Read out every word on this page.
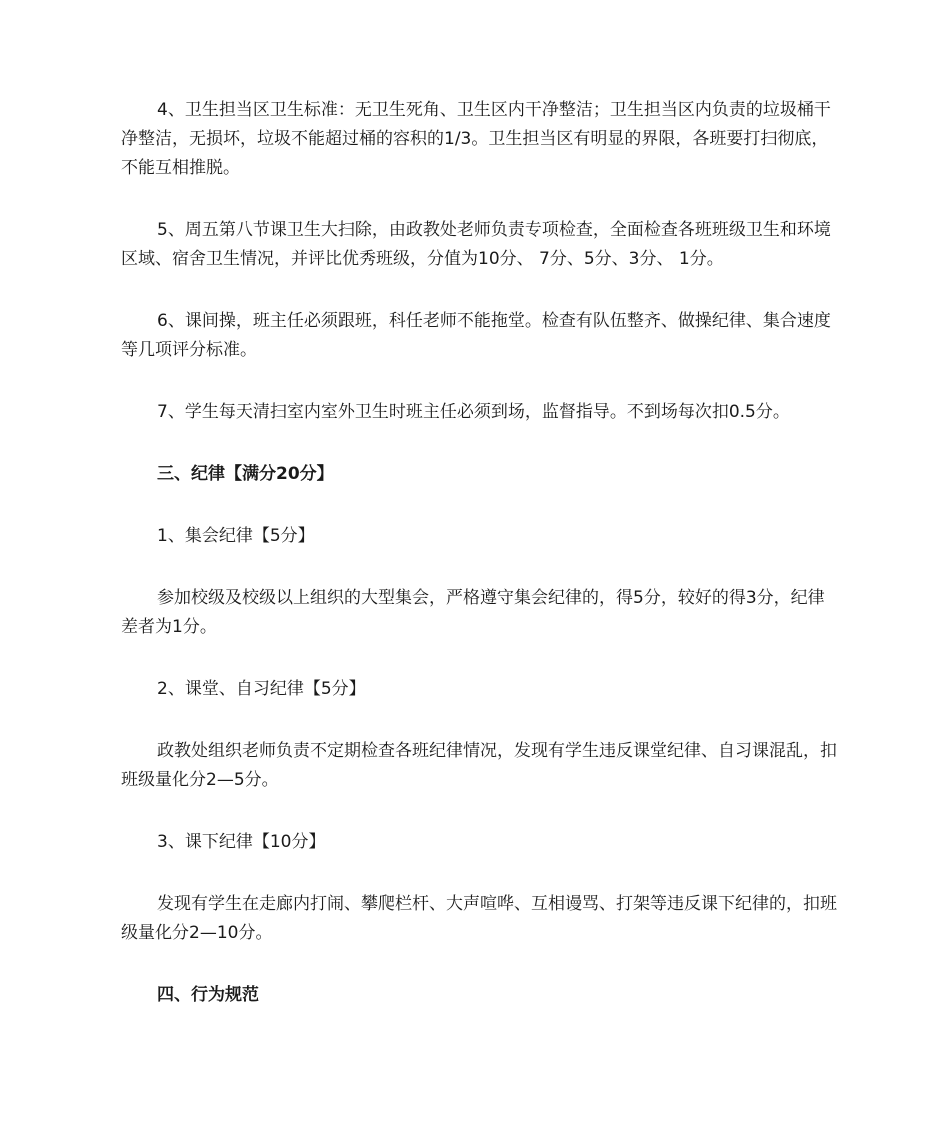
4、卫生担当区卫生标准：无卫生死角、卫生区内干净整洁；卫生担当区内负责的垃圾桶干净整洁，无损坏，垃圾不能超过桶的容积的1/3。卫生担当区有明显的界限，各班要打扫彻底，不能互相推脱。

5、周五第八节课卫生大扫除，由政教处老师负责专项检查，全面检查各班班级卫生和环境区域、宿舍卫生情况，并评比优秀班级，分值为10分、 7分、5分、3分、 1分。

6、课间操，班主任必须跟班，科任老师不能拖堂。检查有队伍整齐、做操纪律、集合速度等几项评分标准。

7、学生每天清扫室内室外卫生时班主任必须到场，监督指导。不到场每次扣0.5分。

三、纪律【满分20分】

1、集会纪律【5分】

参加校级及校级以上组织的大型集会，严格遵守集会纪律的，得5分，较好的得3分，纪律差者为1分。

2、课堂、自习纪律【5分】

政教处组织老师负责不定期检查各班纪律情况，发现有学生违反课堂纪律、自习课混乱，扣班级量化分2—5分。

3、课下纪律【10分】

发现有学生在走廊内打闹、攀爬栏杆、大声喧哗、互相谩骂、打架等违反课下纪律的，扣班级量化分2—10分。

四、行为规范
